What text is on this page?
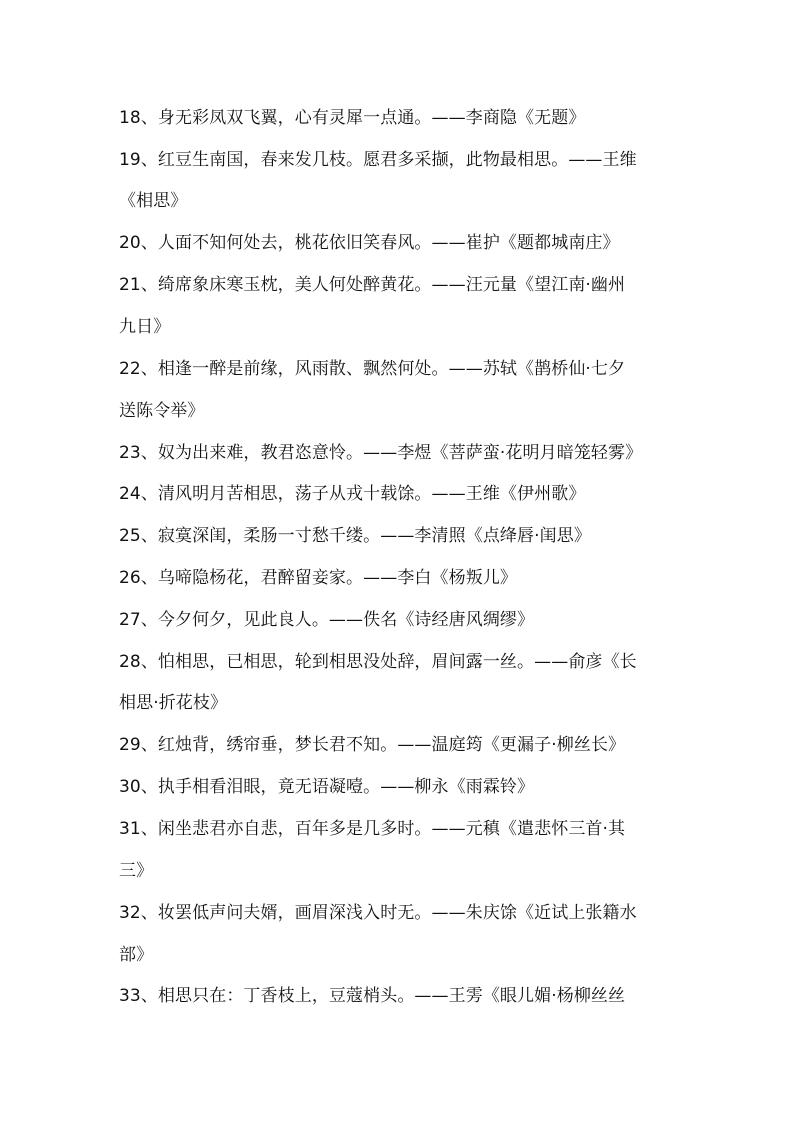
18、身无彩凤双飞翼，心有灵犀一点通。——李商隐《无题》
19、红豆生南国，春来发几枝。愿君多采撷，此物最相思。——王维
《相思》
20、人面不知何处去，桃花依旧笑春风。——崔护《题都城南庄》
21、绮席象床寒玉枕，美人何处醉黄花。——汪元量《望江南·幽州
九日》
22、相逢一醉是前缘，风雨散、飘然何处。——苏轼《鹊桥仙·七夕
送陈令举》
23、奴为出来难，教君恣意怜。——李煜《菩萨蛮·花明月暗笼轻雾》
24、清风明月苦相思，荡子从戎十载馀。——王维《伊州歌》
25、寂寞深闺，柔肠一寸愁千缕。——李清照《点绛唇·闺思》
26、乌啼隐杨花，君醉留妾家。——李白《杨叛儿》
27、今夕何夕，见此良人。——佚名《诗经唐风绸缪》
28、怕相思，已相思，轮到相思没处辞，眉间露一丝。——俞彦《长
相思·折花枝》
29、红烛背，绣帘垂，梦长君不知。——温庭筠《更漏子·柳丝长》
30、执手相看泪眼，竟无语凝噎。——柳永《雨霖铃》
31、闲坐悲君亦自悲，百年多是几多时。——元稹《遣悲怀三首·其
三》
32、妆罢低声问夫婿，画眉深浅入时无。——朱庆馀《近试上张籍水
部》
33、相思只在：丁香枝上，豆蔻梢头。——王雱《眼儿媚·杨柳丝丝
